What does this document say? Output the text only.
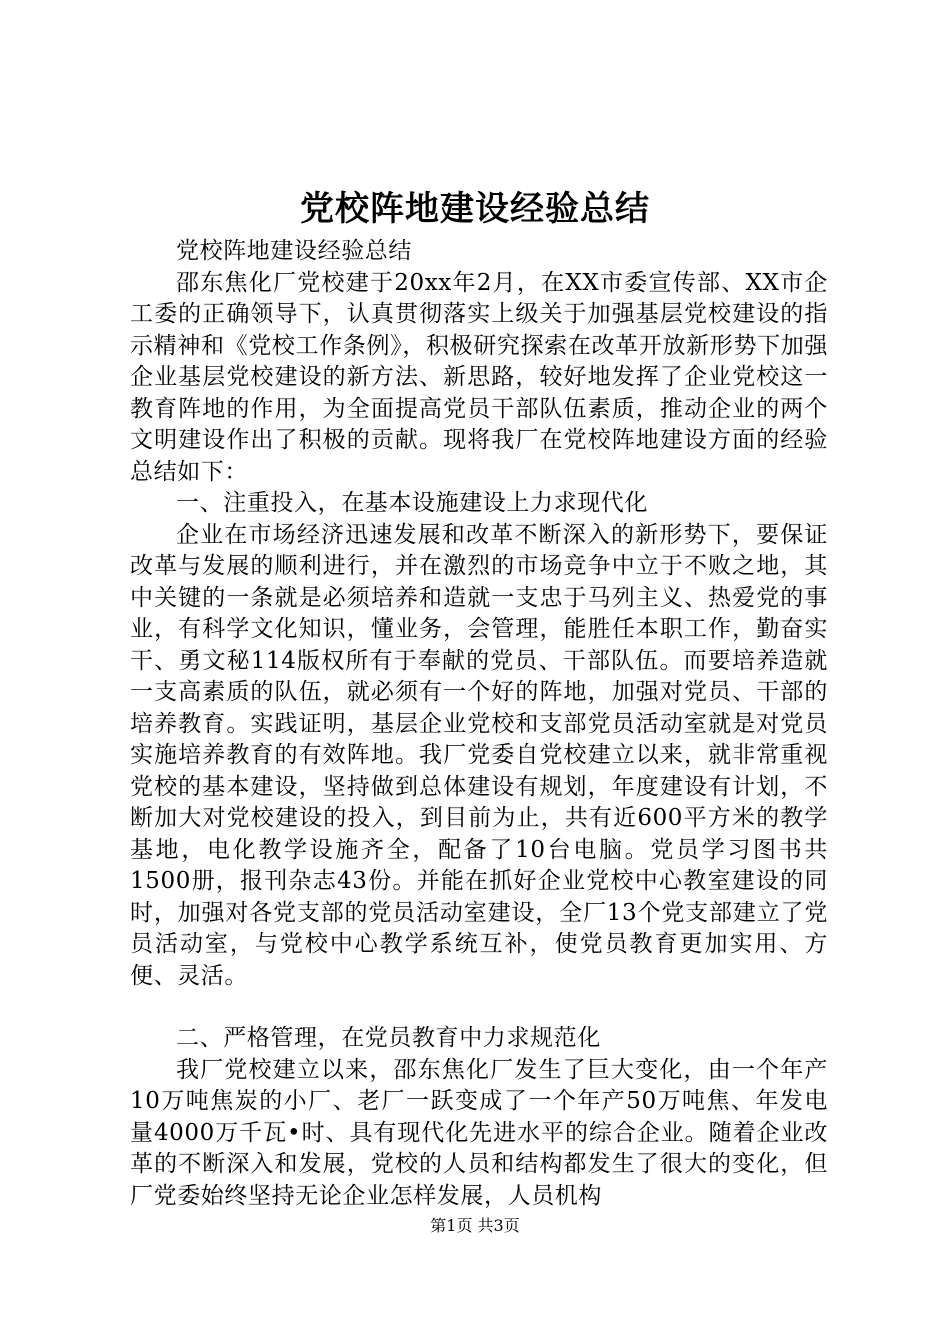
党校阵地建设经验总结

党校阵地建设经验总结

邵东焦化厂党校建于20xx年2月，在XX市委宣传部、XX市企工委的正确领导下，认真贯彻落实上级关于加强基层党校建设的指示精神和《党校工作条例》，积极研究探索在改革开放新形势下加强企业基层党校建设的新方法、新思路，较好地发挥了企业党校这一教育阵地的作用，为全面提高党员干部队伍素质，推动企业的两个文明建设作出了积极的贡献。现将我厂在党校阵地建设方面的经验总结如下：

一、注重投入，在基本设施建设上力求现代化

企业在市场经济迅速发展和改革不断深入的新形势下，要保证改革与发展的顺利进行，并在激烈的市场竞争中立于不败之地，其中关键的一条就是必须培养和造就一支忠于马列主义、热爱党的事业，有科学文化知识，懂业务，会管理，能胜任本职工作，勤奋实干、勇文秘114版权所有于奉献的党员、干部队伍。而要培养造就一支高素质的队伍，就必须有一个好的阵地，加强对党员、干部的培养教育。实践证明，基层企业党校和支部党员活动室就是对党员实施培养教育的有效阵地。我厂党委自党校建立以来，就非常重视党校的基本建设，坚持做到总体建设有规划，年度建设有计划，不断加大对党校建设的投入，到目前为止，共有近600平方米的教学基地，电化教学设施齐全，配备了10台电脑。党员学习图书共1500册，报刊杂志43份。并能在抓好企业党校中心教室建设的同时，加强对各党支部的党员活动室建设，全厂13个党支部建立了党员活动室，与党校中心教学系统互补，使党员教育更加实用、方便、灵活。

二、严格管理，在党员教育中力求规范化

我厂党校建立以来，邵东焦化厂发生了巨大变化，由一个年产10万吨焦炭的小厂、老厂一跃变成了一个年产50万吨焦、年发电量4000万千瓦•时、具有现代化先进水平的综合企业。随着企业改革的不断深入和发展，党校的人员和结构都发生了很大的变化，但厂党委始终坚持无论企业怎样发展，人员机构

第1页 共3页
